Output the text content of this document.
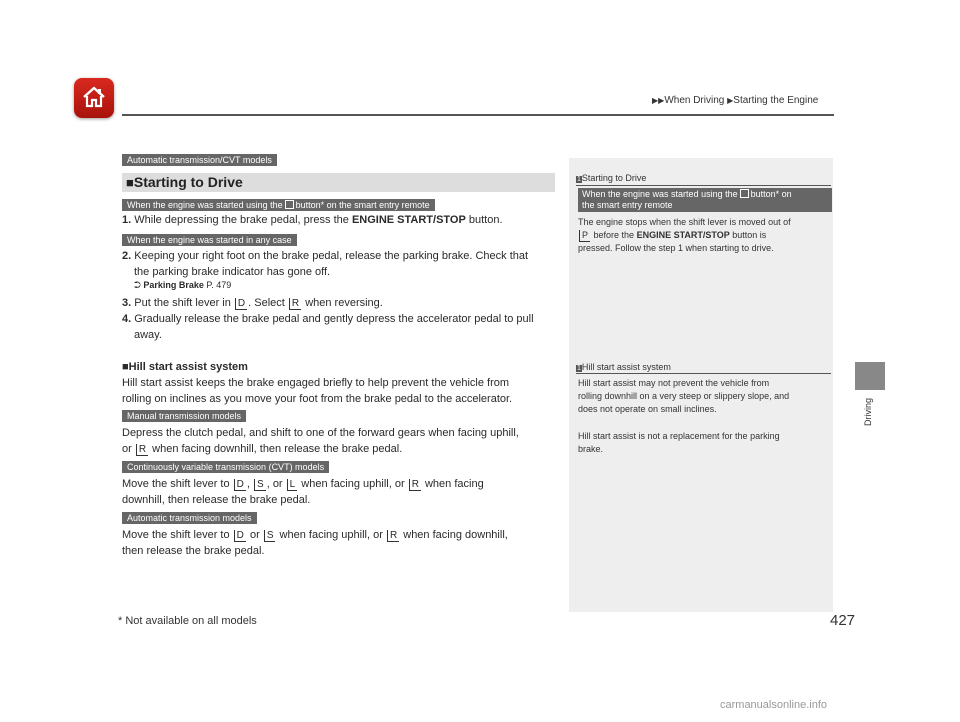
▶▶When Driving ▶Starting the Engine
Driving
Automatic transmission/CVT models
■Starting to Drive
When the engine was started using the button* on the smart entry remote
1. While depressing the brake pedal, press the ENGINE START/STOP button.
When the engine was started in any case
2. Keeping your right foot on the brake pedal, release the parking brake. Check that
the parking brake indicator has gone off.
⮊ Parking Brake P. 479
3. Put the shift lever in D . Select R when reversing.
4. Gradually release the brake pedal and gently depress the accelerator pedal to pull
away.
■Hill start assist system
Hill start assist keeps the brake engaged briefly to help prevent the vehicle from
rolling on inclines as you move your foot from the brake pedal to the accelerator.
Manual transmission models
Depress the clutch pedal, and shift to one of the forward gears when facing uphill,
or R when facing downhill, then release the brake pedal.
Continuously variable transmission (CVT) models
Move the shift lever to D , S , or L when facing uphill, or R when facing
downhill, then release the brake pedal.
Automatic transmission models
Move the shift lever to D or S when facing uphill, or R when facing downhill,
then release the brake pedal.
1Starting to Drive
When the engine was started using the button* on
the smart entry remote
The engine stops when the shift lever is moved out of
P before the ENGINE START/STOP button is
pressed. Follow the step 1 when starting to drive.
1Hill start assist system
Hill start assist may not prevent the vehicle from
rolling downhill on a very steep or slippery slope, and
does not operate on small inclines.
Hill start assist is not a replacement for the parking
brake.
* Not available on all models	427
carmanualsonline.info
